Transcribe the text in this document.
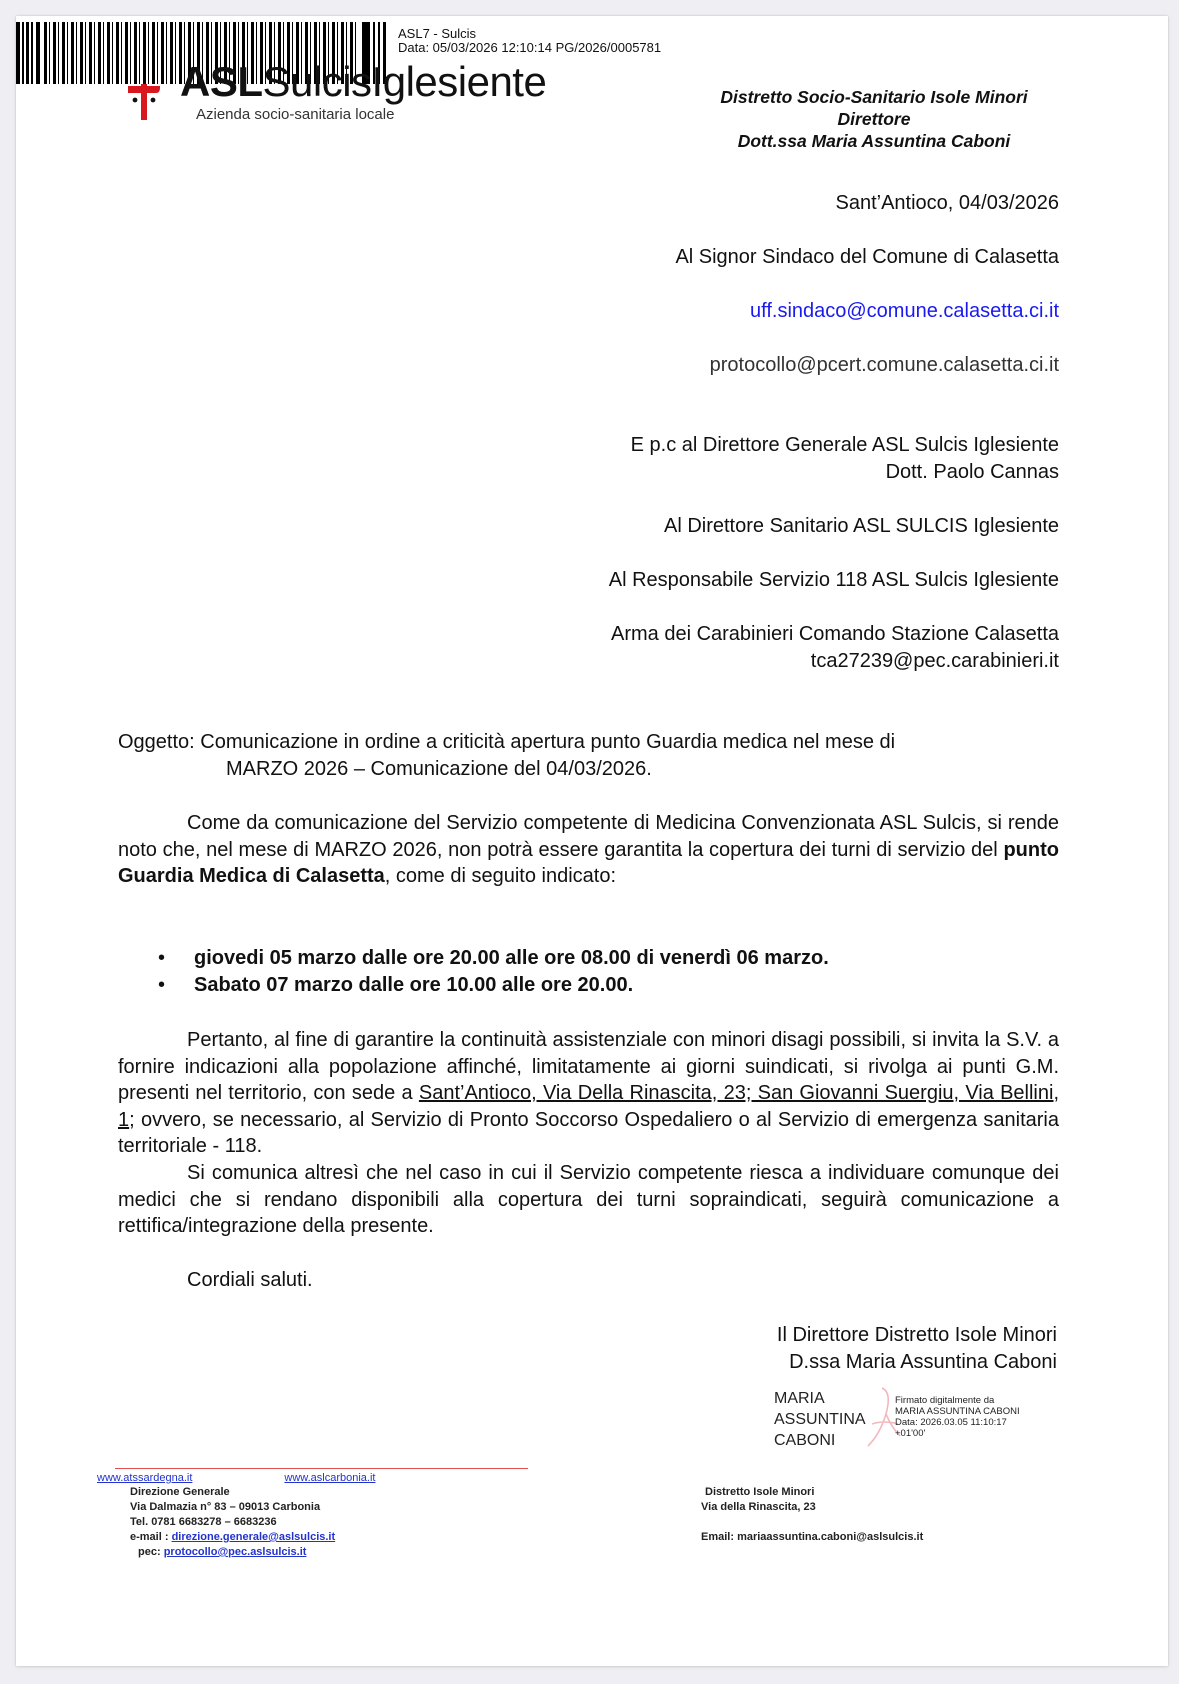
ASL7 - Sulcis
Data: 05/03/2026 12:10:14 PG/2026/0005781
ASLSulcisIglesiente
Azienda socio-sanitaria locale
Distretto Socio-Sanitario Isole Minori
Direttore
Dott.ssa Maria Assuntina Caboni
Sant’Antioco, 04/03/2026
Al Signor Sindaco del Comune di Calasetta
uff.sindaco@comune.calasetta.ci.it
protocollo@pcert.comune.calasetta.ci.it
E p.c al Direttore Generale ASL Sulcis Iglesiente
Dott. Paolo Cannas
Al Direttore Sanitario ASL SULCIS Iglesiente
Al Responsabile Servizio 118 ASL Sulcis Iglesiente
Arma dei Carabinieri Comando Stazione Calasetta
tca27239@pec.carabinieri.it
Oggetto: Comunicazione in ordine a criticità apertura punto Guardia medica nel mese di
MARZO 2026 – Comunicazione del 04/03/2026.
Come da comunicazione del Servizio competente di Medicina Convenzionata ASL Sulcis, si rende noto che, nel mese di MARZO 2026, non potrà essere garantita la copertura dei turni di servizio del punto Guardia Medica di Calasetta, come di seguito indicato:
• giovedi 05 marzo dalle ore 20.00 alle ore 08.00 di venerdì 06 marzo.
• Sabato 07 marzo dalle ore 10.00 alle ore 20.00.
Pertanto, al fine di garantire la continuità assistenziale con minori disagi possibili, si invita la S.V. a fornire indicazioni alla popolazione affinché, limitatamente ai giorni suindicati, si rivolga ai punti G.M. presenti nel territorio, con sede a Sant’Antioco, Via Della Rinascita, 23; San Giovanni Suergiu, Via Bellini, 1; ovvero, se necessario, al Servizio di Pronto Soccorso Ospedaliero o al Servizio di emergenza sanitaria territoriale - 118.
Si comunica altresì che nel caso in cui il Servizio competente riesca a individuare comunque dei medici che si rendano disponibili alla copertura dei turni sopraindicati, seguirà comunicazione a rettifica/integrazione della presente.
Cordiali saluti.
Il Direttore Distretto Isole Minori
D.ssa Maria Assuntina Caboni
MARIA
ASSUNTINA
CABONI
Firmato digitalmente da
MARIA ASSUNTINA CABONI
Data: 2026.03.05 11:10:17
+01'00'
www.atssardegna.it	www.aslcarbonia.it
Direzione Generale
Via Dalmazia n° 83 – 09013 Carbonia
Tel. 0781 6683278 – 6683236
e-mail : direzione.generale@aslsulcis.it
pec: protocollo@pec.aslsulcis.it
Distretto Isole Minori
Via della Rinascita, 23
Email: mariaassuntina.caboni@aslsulcis.it
